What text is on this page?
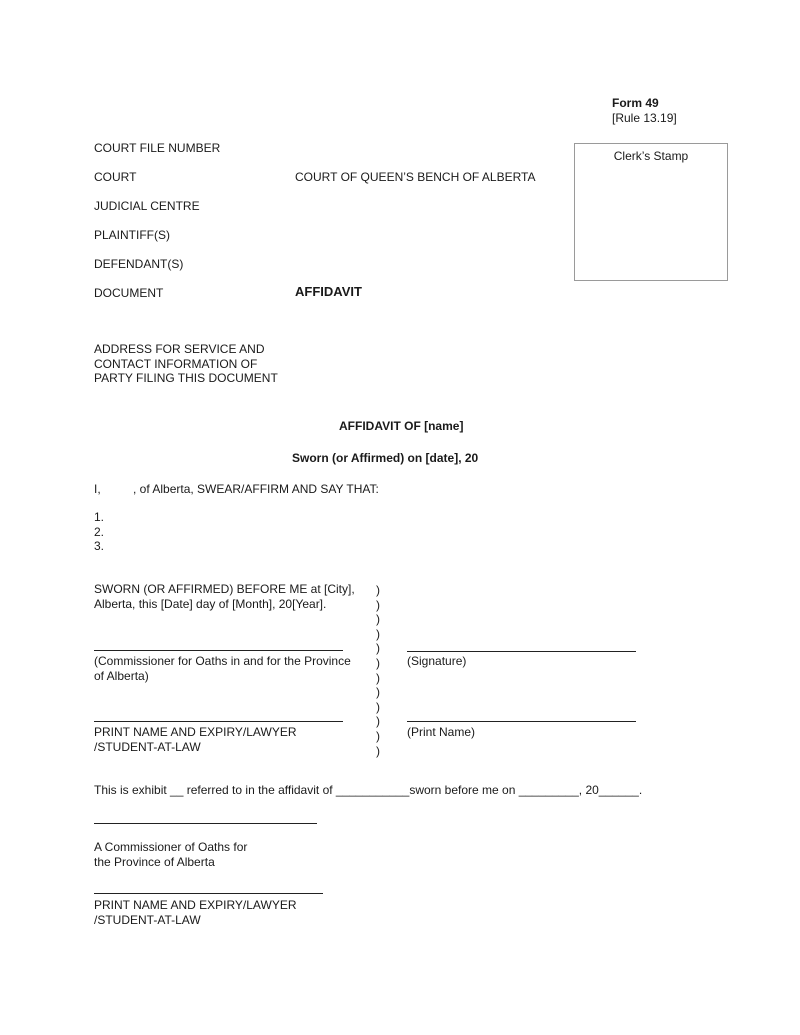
Form 49
[Rule 13.19]
Clerk’s Stamp
COURT FILE NUMBER
COURT	COURT OF QUEEN’S BENCH OF ALBERTA
JUDICIAL CENTRE
PLAINTIFF(S)
DEFENDANT(S)
DOCUMENT	AFFIDAVIT
ADDRESS FOR SERVICE AND
CONTACT INFORMATION OF
PARTY FILING THIS DOCUMENT
AFFIDAVIT OF [name]
Sworn (or Affirmed) on [date], 20
I,	, of Alberta, SWEAR/AFFIRM AND SAY THAT:
1.
2.
3.
SWORN (OR AFFIRMED) BEFORE ME at [City],
Alberta, this [Date] day of [Month], 20[Year].
)
)
)
)
)
)
)
)
)
)
)
)
(Commissioner for Oaths in and for the Province
of Alberta)
(Signature)
PRINT NAME AND EXPIRY/LAWYER
/STUDENT-AT-LAW
(Print Name)
This is exhibit __ referred to in the affidavit of ___________sworn before me on _________, 20______.
A Commissioner of Oaths for
the Province of Alberta
PRINT NAME AND EXPIRY/LAWYER
/STUDENT-AT-LAW
